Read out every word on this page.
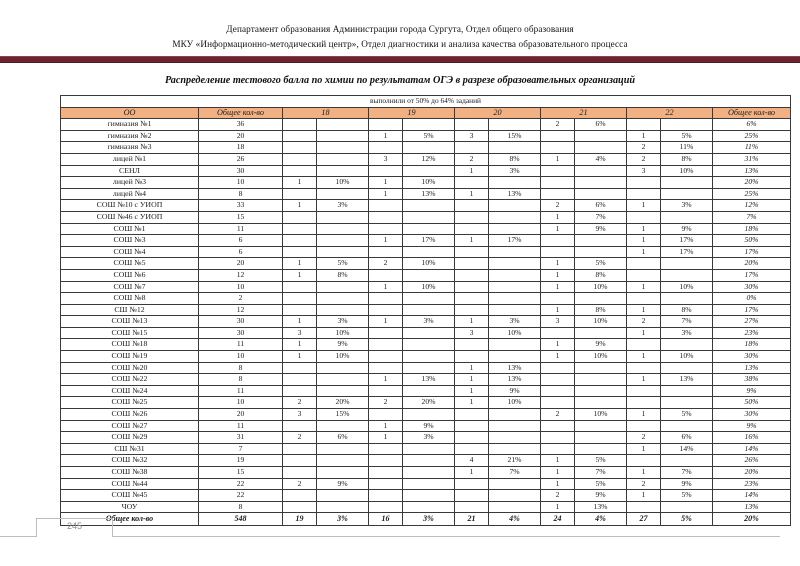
Департамент образования Администрации города Сургута, Отдел общего образования
МКУ «Информационно-методический центр», Отдел диагностики и анализа качества образовательного процесса
Распределение тестового балла по химии по результатам ОГЭ в разрезе образовательных организаций
выполнили от 50% до 64% заданий												
ОО	Общее кол-во	18		19		20		21		22		Общее кол-во
гимназия №1	36							2	6%			6%
гимназия №2	20			1	5%	3	15%			1	5%	25%
гимназия №3	18									2	11%	11%
лицей №1	26			3	12%	2	8%	1	4%	2	8%	31%
СЕНЛ	30					1	3%			3	10%	13%
лицей №3	10	1	10%	1	10%							20%
лицей №4	8			1	13%	1	13%					25%
СОШ №10 с УИОП	33	1	3%					2	6%	1	3%	12%
СОШ №46 с УИОП	15							1	7%			7%
СОШ №1	11							1	9%	1	9%	18%
СОШ №3	6			1	17%	1	17%			1	17%	50%
СОШ №4	6									1	17%	17%
СОШ №5	20	1	5%	2	10%			1	5%			20%
СОШ №6	12	1	8%					1	8%			17%
СОШ №7	10			1	10%			1	10%	1	10%	30%
СОШ №8	2											0%
СШ №12	12							1	8%	1	8%	17%
СОШ №13	30	1	3%	1	3%	1	3%	3	10%	2	7%	27%
СОШ №15	30	3	10%			3	10%			1	3%	23%
СОШ №18	11	1	9%					1	9%			18%
СОШ №19	10	1	10%					1	10%	1	10%	30%
СОШ №20	8					1	13%					13%
СОШ №22	8			1	13%	1	13%			1	13%	38%
СОШ №24	11					1	9%					9%
СОШ №25	10	2	20%	2	20%	1	10%					50%
СОШ №26	20	3	15%					2	10%	1	5%	30%
СОШ №27	11			1	9%							9%
СОШ №29	31	2	6%	1	3%					2	6%	16%
СШ №31	7									1	14%	14%
СОШ №32	19					4	21%	1	5%			26%
СОШ №38	15					1	7%	1	7%	1	7%	20%
СОШ №44	22	2	9%					1	5%	2	9%	23%
СОШ №45	22							2	9%	1	5%	14%
ЧОУ	8							1	13%			13%
Общее кол-во	548	19	3%	16	3%	21	4%	24	4%	27	5%	20%
245
